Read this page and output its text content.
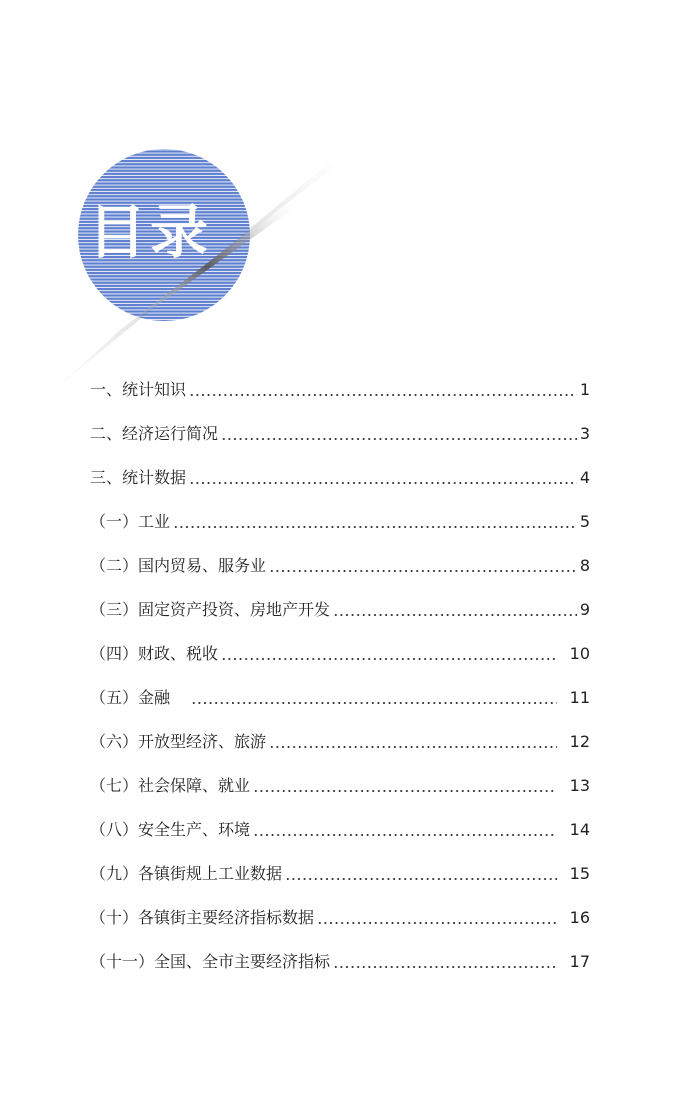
目录
一、统计知识	1
二、经济运行简况	3
三、统计数据	4
（一）工业	5
（二）国内贸易、服务业	8
（三）固定资产投资、房地产开发	9
（四）财政、税收	10
（五）金融	11
（六）开放型经济、旅游	12
（七）社会保障、就业	13
（八）安全生产、环境	14
（九）各镇街规上工业数据	15
（十）各镇街主要经济指标数据	16
（十一）全国、全市主要经济指标	17
